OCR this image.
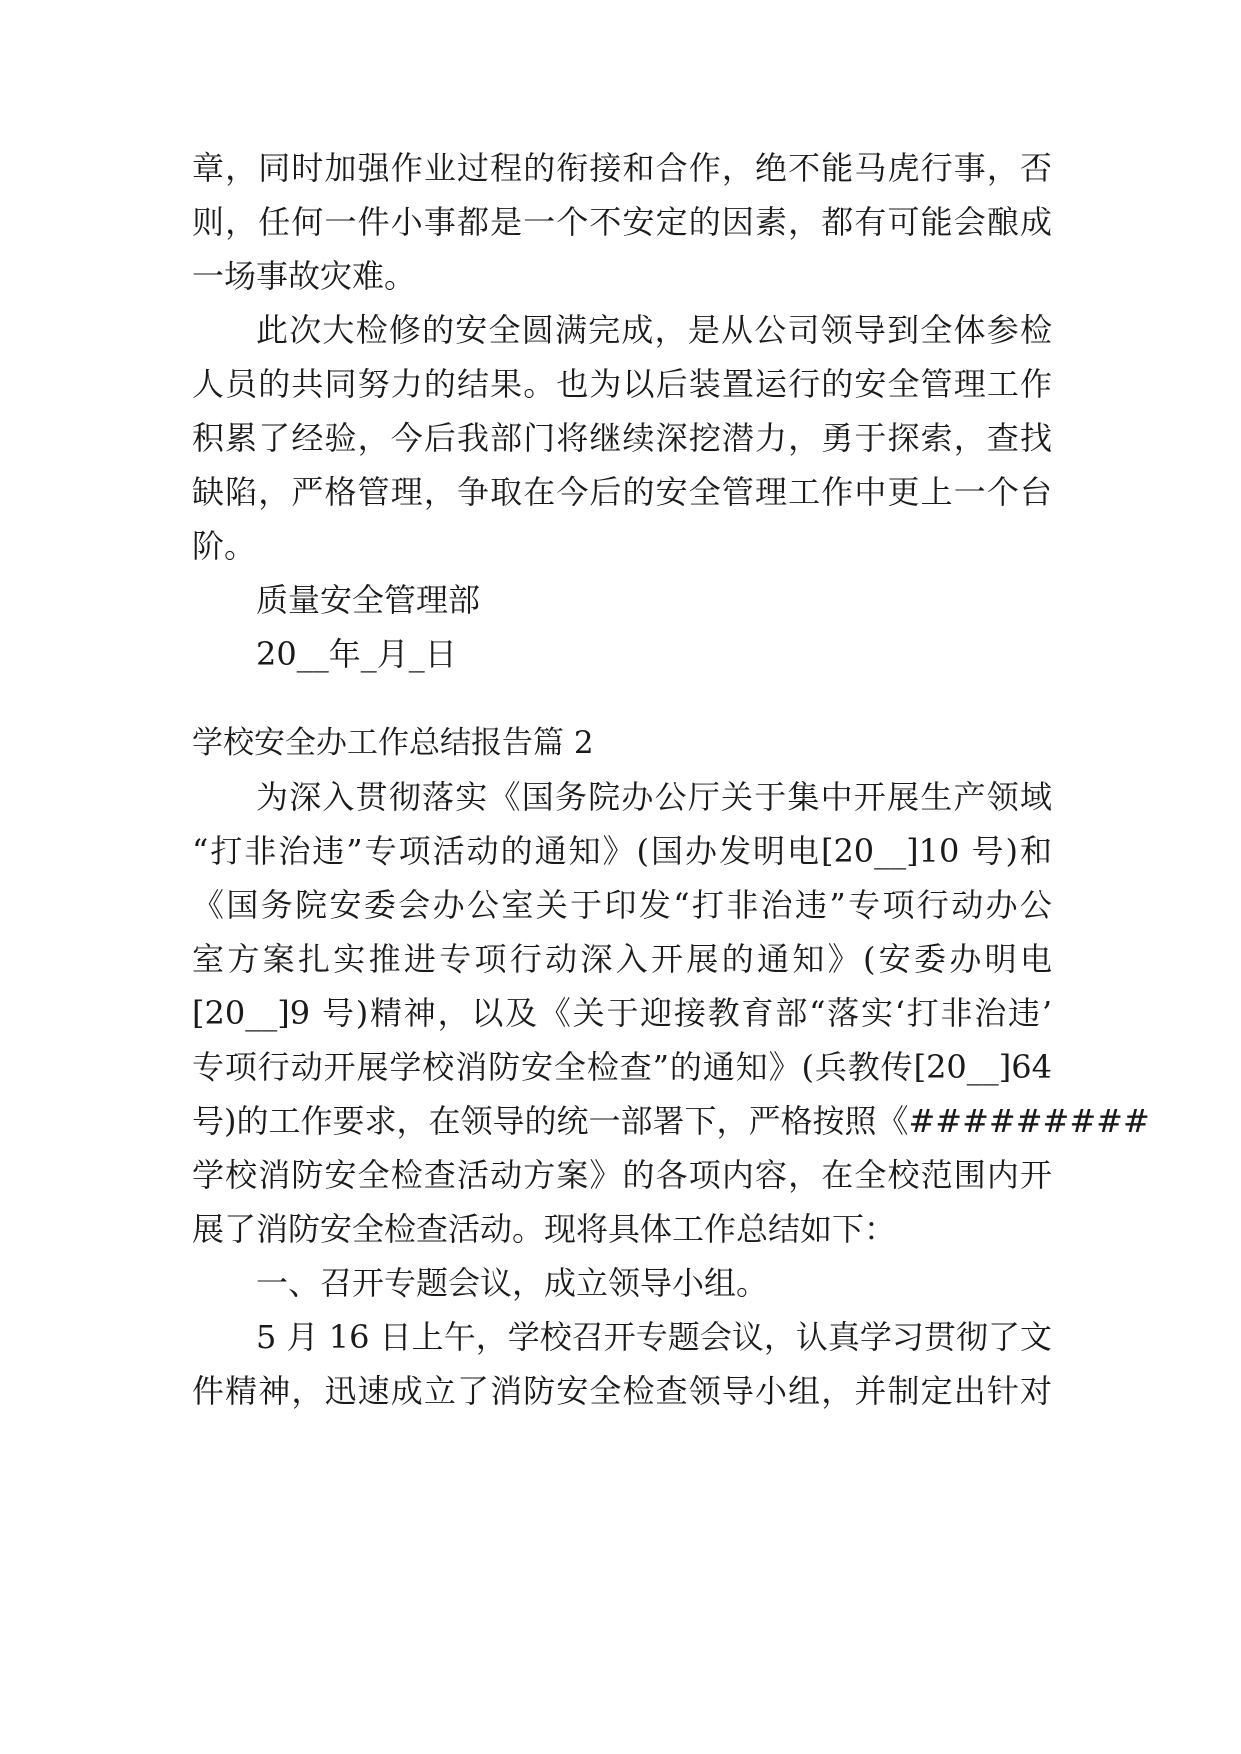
章，同时加强作业过程的衔接和合作，绝不能马虎行事，否
则，任何一件小事都是一个不安定的因素，都有可能会酿成
一场事故灾难。
此次大检修的安全圆满完成，是从公司领导到全体参检
人员的共同努力的结果。也为以后装置运行的安全管理工作
积累了经验，今后我部门将继续深挖潜力，勇于探索，查找
缺陷，严格管理，争取在今后的安全管理工作中更上一个台
阶。
质量安全管理部
20__年_月_日
学校安全办工作总结报告篇 2
为深入贯彻落实《国务院办公厅关于集中开展生产领域
“打非治违”专项活动的通知》(国办发明电[20__]10 号)和
《国务院安委会办公室关于印发“打非治违”专项行动办公
室方案扎实推进专项行动深入开展的通知》(安委办明电
[20__]9 号)精神，以及《关于迎接教育部“落实‘打非治违’
专项行动开展学校消防安全检查”的通知》(兵教传[20__]64
号)的工作要求，在领导的统一部署下，严格按照《#########
学校消防安全检查活动方案》的各项内容，在全校范围内开
展了消防安全检查活动。现将具体工作总结如下：
一、召开专题会议，成立领导小组。
5 月 16 日上午，学校召开专题会议，认真学习贯彻了文
件精神，迅速成立了消防安全检查领导小组，并制定出针对
